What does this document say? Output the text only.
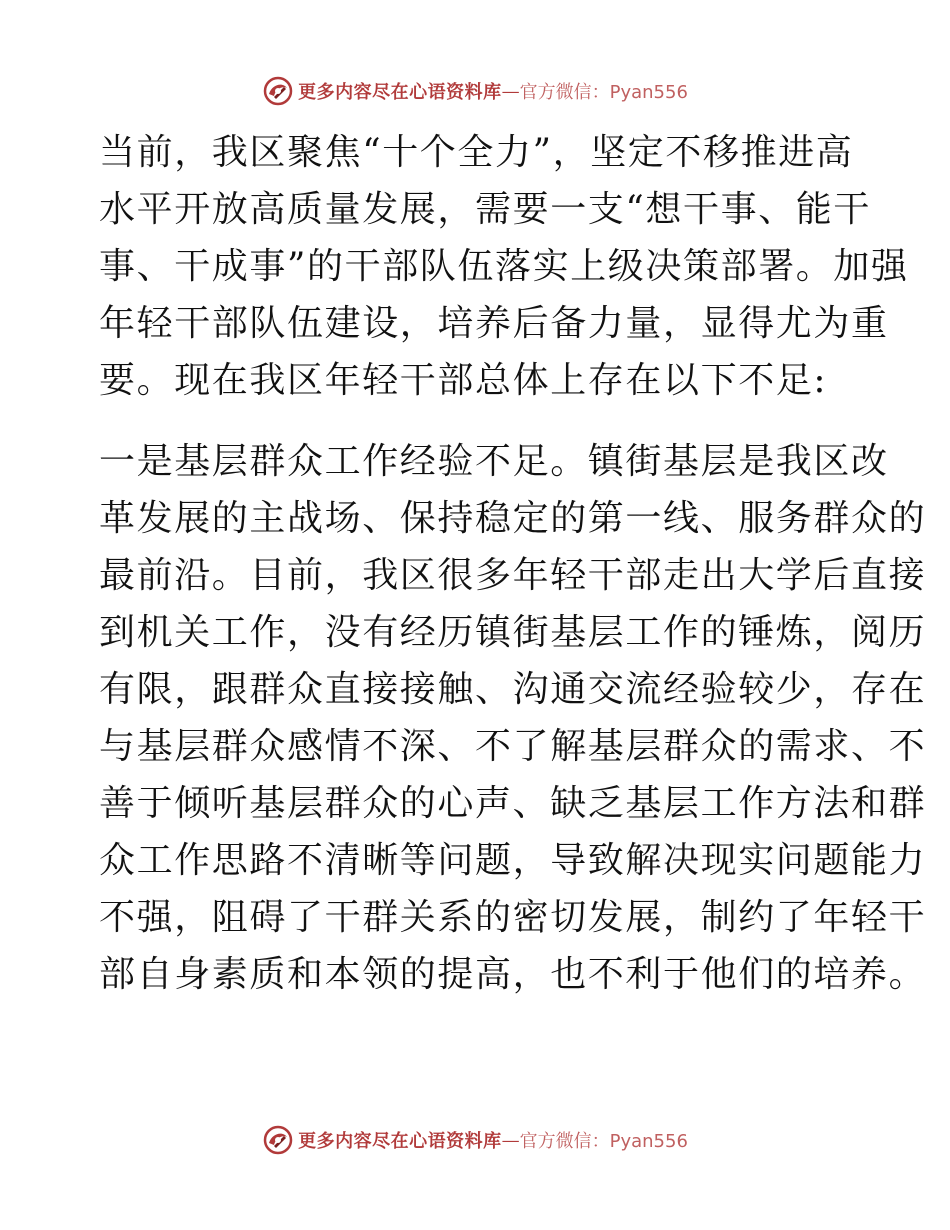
更多内容尽在心语资料库 — 官方微信：Pyan556

当前，我区聚焦“十个全力”，坚定不移推进高
水平开放高质量发展，需要一支“想干事、能干
事、干成事”的干部队伍落实上级决策部署。加强
年轻干部队伍建设，培养后备力量，显得尤为重
要。现在我区年轻干部总体上存在以下不足:

一是基层群众工作经验不足。镇街基层是我区改
革发展的主战场、保持稳定的第一线、服务群众的
最前沿。目前，我区很多年轻干部走出大学后直接
到机关工作，没有经历镇街基层工作的锤炼，阅历
有限，跟群众直接接触、沟通交流经验较少，存在
与基层群众感情不深、不了解基层群众的需求、不
善于倾听基层群众的心声、缺乏基层工作方法和群
众工作思路不清晰等问题，导致解决现实问题能力
不强，阻碍了干群关系的密切发展，制约了年轻干
部自身素质和本领的提高，也不利于他们的培养。

更多内容尽在心语资料库 — 官方微信：Pyan556
